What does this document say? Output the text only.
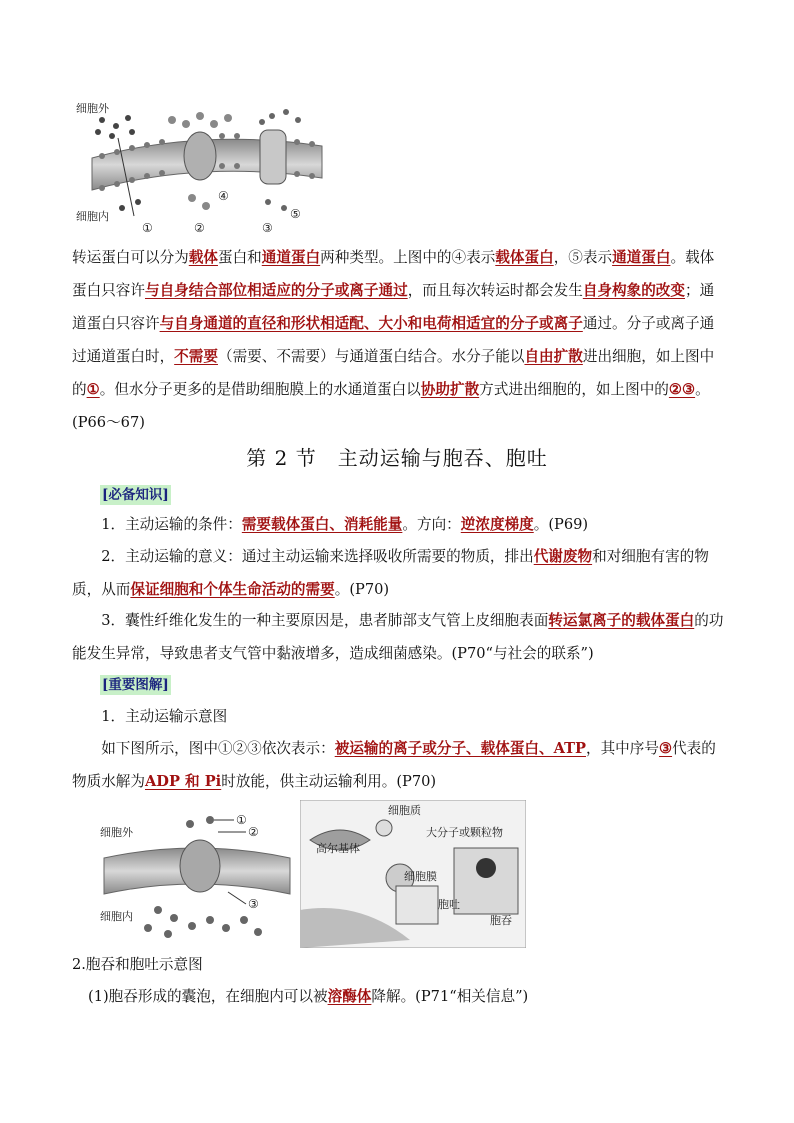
细胞外
细胞内
①	②	③
④
⑤
转运蛋白可以分为载体蛋白和通道蛋白两种类型。上图中的④表示载体蛋白，⑤表示通道蛋白。载体蛋白只容许与自身结合部位相适应的分子或离子通过，而且每次转运时都会发生自身构象的改变；通道蛋白只容许与自身通道的直径和形状相适配、大小和电荷相适宜的分子或离子通过。分子或离子通过通道蛋白时，不需要（需要、不需要）与通道蛋白结合。水分子能以自由扩散进出细胞，如上图中的①。但水分子更多的是借助细胞膜上的水通道蛋白以协助扩散方式进出细胞的，如上图中的②③。(P66～67)
第 2 节　主动运输与胞吞、胞吐
[必备知识]
1．主动运输的条件：需要载体蛋白、消耗能量。方向：逆浓度梯度。(P69)
2．主动运输的意义：通过主动运输来选择吸收所需要的物质，排出代谢废物和对细胞有害的物质，从而保证细胞和个体生命活动的需要。(P70)
3．囊性纤维化发生的一种主要原因是，患者肺部支气管上皮细胞表面转运氯离子的载体蛋白的功能发生异常，导致患者支气管中黏液增多，造成细菌感染。(P70“与社会的联系”)
[重要图解]
1．主动运输示意图
如下图所示，图中①②③依次表示：被运输的离子或分子、载体蛋白、ATP，其中序号③代表的物质水解为ADP 和 Pi时放能，供主动运输利用。(P70)
细胞外
细胞内
①
②
③
细胞质
大分子或颗粒物
高尔基体
细胞膜
胞吐
胞吞
2.胞吞和胞吐示意图
(1)胞吞形成的囊泡，在细胞内可以被溶酶体降解。(P71“相关信息”)
